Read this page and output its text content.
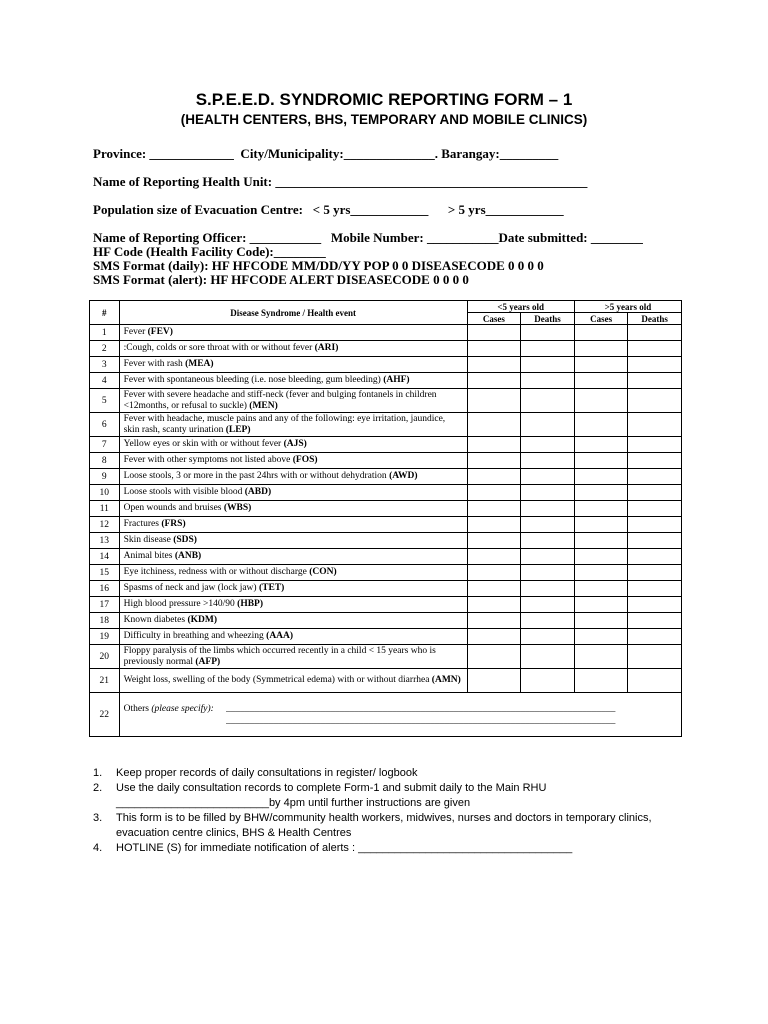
S.P.E.E.D. SYNDROMIC REPORTING FORM – 1
(HEALTH CENTERS, BHS, TEMPORARY AND MOBILE CLINICS)
Province: _____________  City/Municipality:______________. Barangay:_________
Name of Reporting Health Unit: ________________________________________________
Population size of Evacuation Centre:   < 5 yrs____________      > 5 yrs____________
Name of Reporting Officer: ___________   Mobile Number: ___________Date submitted: ________
HF Code (Health Facility Code):________
SMS Format (daily): HF HFCODE MM/DD/YY POP 0 0 DISEASECODE 0 0 0 0
SMS Format (alert): HF HFCODE ALERT DISEASECODE 0 0 0 0
#	Disease Syndrome / Health event	<5 years old		>5 years old	
		Cases	Deaths	Cases	Deaths
1	Fever (FEV)				
2	:Cough, colds or sore throat with or without fever (ARI)				
3	Fever with rash (MEA)				
4	Fever with spontaneous bleeding (i.e. nose bleeding, gum bleeding) (AHF)				
5	Fever with severe headache and stiff-neck (fever and bulging fontanels in children <12months, or refusal to suckle) (MEN)				
6	Fever with headache, muscle pains and any of the following: eye irritation, jaundice, skin rash, scanty urination (LEP)				
7	Yellow eyes or skin with or without fever (AJS)				
8	Fever with other symptoms not listed above (FOS)				
9	Loose stools, 3 or more in the past 24hrs with or without dehydration (AWD)				
10	Loose stools with visible blood (ABD)				
11	Open wounds and bruises (WBS)				
12	Fractures (FRS)				
13	Skin disease (SDS)				
14	Animal bites (ANB)				
15	Eye itchiness, redness with or without discharge (CON)				
16	Spasms of neck and jaw (lock jaw) (TET)				
17	High blood pressure >140/90 (HBP)				
18	Known diabetes (KDM)				
19	Difficulty in breathing and wheezing (AAA)				
20	Floppy paralysis of the limbs which occurred recently in a child < 15 years who is previously normal (AFP)				
21	Weight loss, swelling of the body (Symmetrical edema) with or without diarrhea (AMN)				
22	Others (please specify): __________________________________________________________________________________
__________________________________________________________________________________				
1.	Keep proper records of daily consultations in register/ logbook
2.	Use the daily consultation records to complete Form-1 and submit daily to the Main RHU
_________________________by 4pm until further instructions are given
3.	This form is to be filled by BHW/community health workers, midwives, nurses and doctors in temporary clinics, evacuation centre clinics, BHS & Health Centres
4.	HOTLINE (S) for immediate notification of alerts : ___________________________________
